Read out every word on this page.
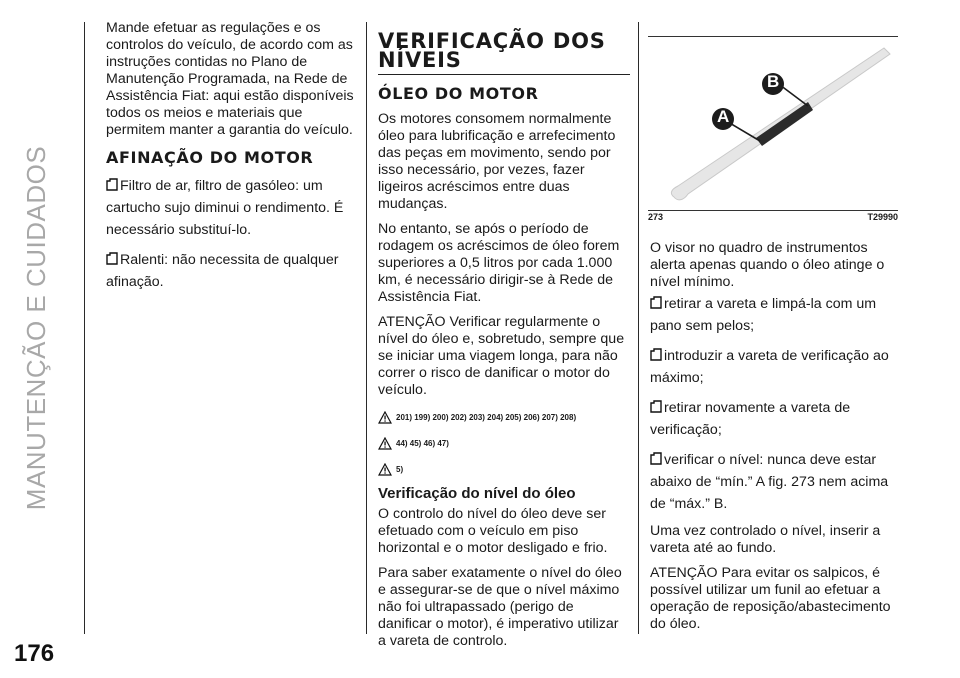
MANUTENÇÃO E CUIDADOS
176

Mande efetuar as regulações e os controlos do veículo, de acordo com as instruções contidas no Plano de Manutenção Programada, na Rede de Assistência Fiat: aqui estão disponíveis todos os meios e materiais que permitem manter a garantia do veículo.

AFINAÇÃO DO MOTOR

Filtro de ar, filtro de gasóleo: um cartucho sujo diminui o rendimento. É necessário substituí-lo.

Ralenti: não necessita de qualquer afinação.

VERIFICAÇÃO DOS
NÍVEIS
ÓLEO DO MOTOR

Os motores consomem normalmente óleo para lubrificação e arrefecimento das peças em movimento, sendo por isso necessário, por vezes, fazer ligeiros acréscimos entre duas mudanças.

No entanto, se após o período de rodagem os acréscimos de óleo forem superiores a 0,5 litros por cada 1.000 km, é necessário dirigir-se à Rede de Assistência Fiat.

ATENÇÃO Verificar regularmente o nível do óleo e, sobretudo, sempre que se iniciar uma viagem longa, para não correr o risco de danificar o motor do veículo.

201) 199) 200) 202) 203) 204) 205) 206) 207) 208)
44) 45) 46) 47)
5)
Verificação do nível do óleo

O controlo do nível do óleo deve ser efetuado com o veículo em piso horizontal e o motor desligado e frio.

Para saber exatamente o nível do óleo e assegurar-se de que o nível máximo não foi ultrapassado (perigo de danificar o motor), é imperativo utilizar a vareta de controlo.

A
B
273	T29990

O visor no quadro de instrumentos alerta apenas quando o óleo atinge o nível mínimo.

retirar a vareta e limpá-la com um pano sem pelos;

introduzir a vareta de verificação ao máximo;

retirar novamente a vareta de verificação;

verificar o nível: nunca deve estar abaixo de “mín.” A fig. 273 nem acima de “máx.” B.

Uma vez controlado o nível, inserir a vareta até ao fundo.

ATENÇÃO Para evitar os salpicos, é possível utilizar um funil ao efetuar a operação de reposição/abastecimento do óleo.
